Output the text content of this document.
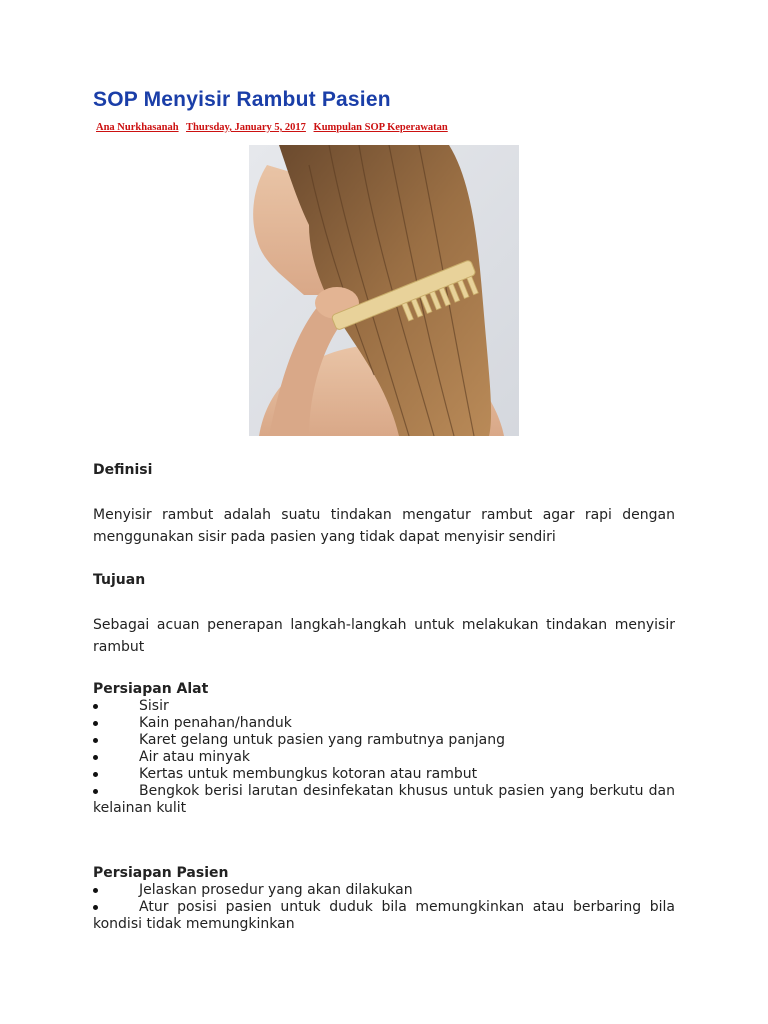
SOP Menyisir Rambut Pasien
Ana Nurkhasanah Thursday, January 5, 2017 Kumpulan SOP Keperawatan
Definisi

Menyisir rambut adalah suatu tindakan mengatur rambut agar rapi dengan menggunakan sisir pada pasien yang tidak dapat menyisir sendiri

Tujuan

Sebagai acuan penerapan langkah-langkah untuk melakukan tindakan menyisir rambut

Persiapan Alat
Sisir
Kain penahan/handuk
Karet gelang untuk pasien yang rambutnya panjang
Air atau minyak
Kertas untuk membungkus kotoran atau rambut
Bengkok berisi larutan desinfekatan khusus untuk pasien yang berkutu dan kelainan kulit
Persiapan Pasien
Jelaskan prosedur yang akan dilakukan
Atur posisi pasien untuk duduk bila memungkinkan atau berbaring bila kondisi tidak memungkinkan
